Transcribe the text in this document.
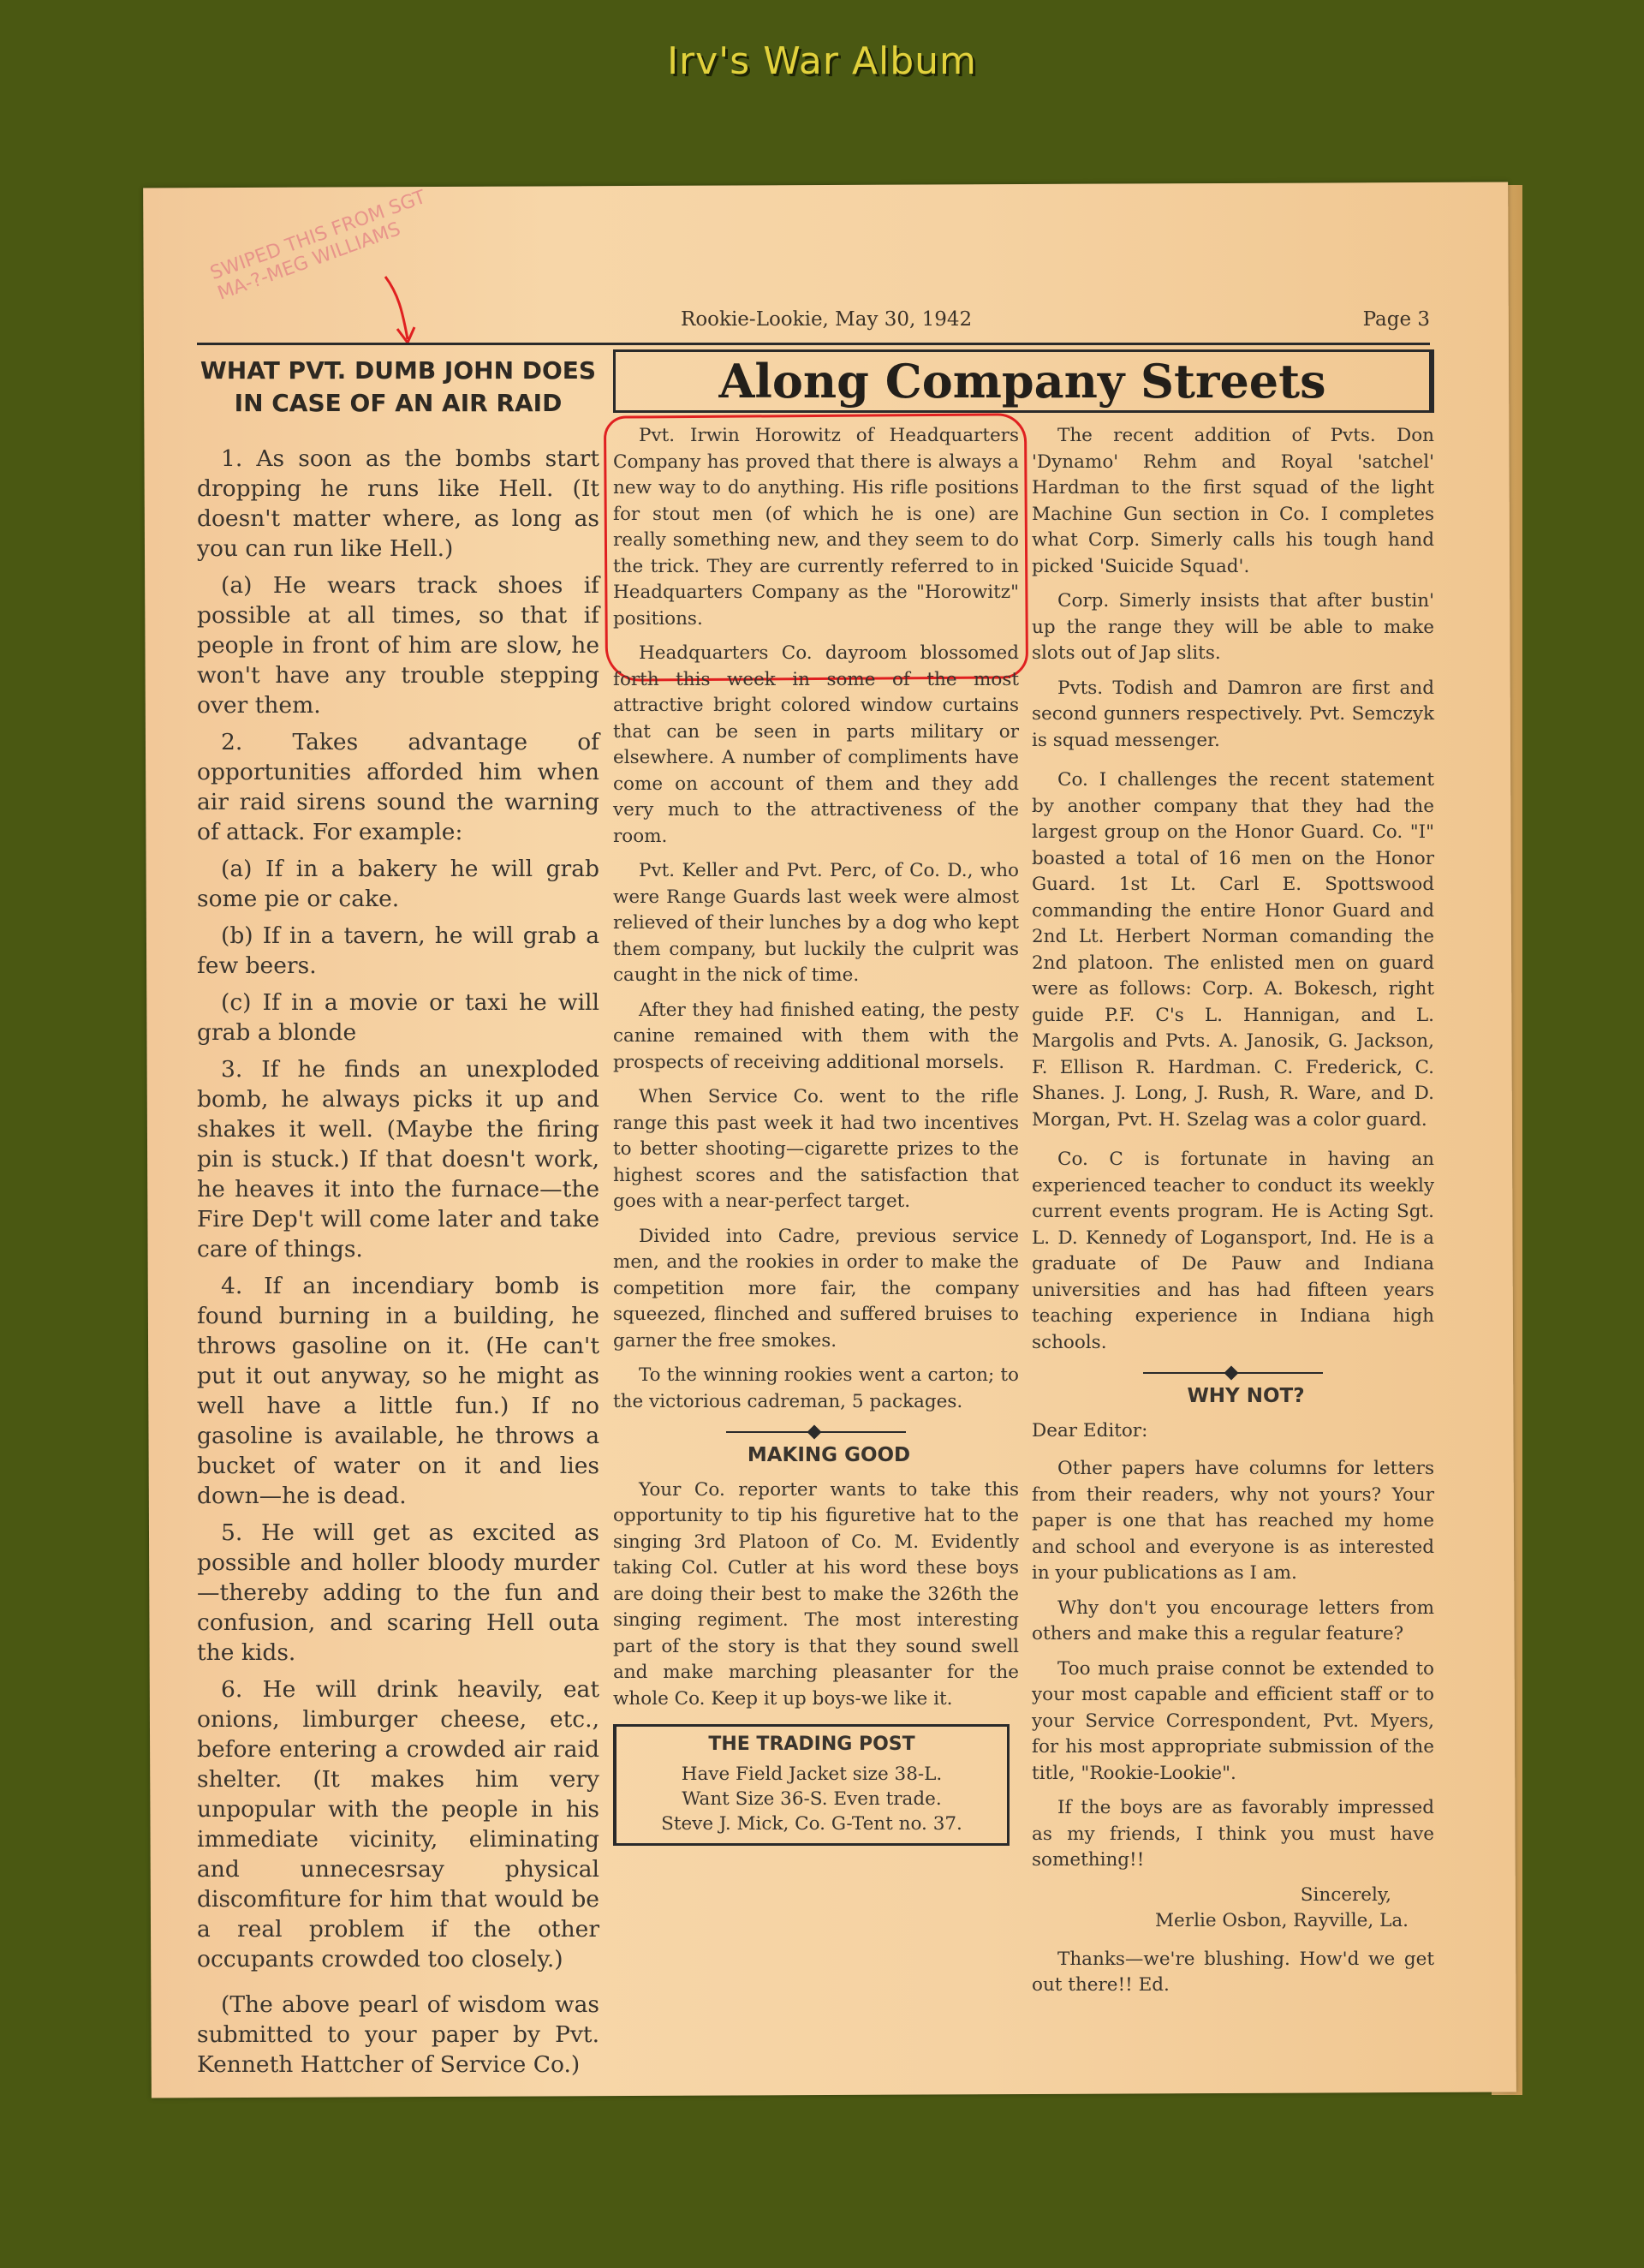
Irv's War Album
SWIPED THIS FROM SGT MA-?-MEG WILLIAMS
Rookie-Lookie, May 30, 1942	Page 3
WHAT PVT. DUMB JOHN DOES IN CASE OF AN AIR RAID

1. As soon as the bombs start dropping he runs like Hell. (It doesn't matter where, as long as you can run like Hell.)

(a) He wears track shoes if possible at all times, so that if people in front of him are slow, he won't have any trouble stepping over them.

2. Takes advantage of opportunities afforded him when air raid sirens sound the warning of attack. For example:

(a) If in a bakery he will grab some pie or cake.

(b) If in a tavern, he will grab a few beers.

(c) If in a movie or taxi he will grab a blonde

3. If he finds an unexploded bomb, he always picks it up and shakes it well. (Maybe the firing pin is stuck.) If that doesn't work, he heaves it into the furnace—the Fire Dep't will come later and take care of things.

4. If an incendiary bomb is found burning in a building, he throws gasoline on it. (He can't put it out anyway, so he might as well have a little fun.) If no gasoline is available, he throws a bucket of water on it and lies down—he is dead.

5. He will get as excited as possible and holler bloody murder—thereby adding to the fun and confusion, and scaring Hell outa the kids.

6. He will drink heavily, eat onions, limburger cheese, etc., before entering a crowded air raid shelter. (It makes him very unpopular with the people in his immediate vicinity, eliminating and unnecesrsay physical discomfiture for him that would be a real problem if the other occupants crowded too closely.)

(The above pearl of wisdom was submitted to your paper by Pvt. Kenneth Hattcher of Service Co.)

Along Company Streets

Pvt. Irwin Horowitz of Headquarters Company has proved that there is always a new way to do anything. His rifle positions for stout men (of which he is one) are really something new, and they seem to do the trick. They are currently referred to in Headquarters Company as the "Horowitz" positions.

Headquarters Co. dayroom blossomed forth this week in some of the most attractive bright colored window curtains that can be seen in parts military or elsewhere. A number of compliments have come on account of them and they add very much to the attractiveness of the room.

Pvt. Keller and Pvt. Perc, of Co. D., who were Range Guards last week were almost relieved of their lunches by a dog who kept them company, but luckily the culprit was caught in the nick of time.

After they had finished eating, the pesty canine remained with them with the prospects of receiving additional morsels.

When Service Co. went to the rifle range this past week it had two incentives to better shooting—cigarette prizes to the highest scores and the satisfaction that goes with a near-perfect target.

Divided into Cadre, previous service men, and the rookies in order to make the competition more fair, the company squeezed, flinched and suffered bruises to garner the free smokes.

To the winning rookies went a carton; to the victorious cadreman, 5 packages.

MAKING GOOD

Your Co. reporter wants to take this opportunity to tip his figuretive hat to the singing 3rd Platoon of Co. M. Evidently taking Col. Cutler at his word these boys are doing their best to make the 326th the singing regiment. The most interesting part of the story is that they sound swell and make marching pleasanter for the whole Co. Keep it up boys-we like it.

THE TRADING POST

Have Field Jacket size 38-L.

Want Size 36-S. Even trade.

Steve J. Mick, Co. G-Tent no. 37.

The recent addition of Pvts. Don 'Dynamo' Rehm and Royal 'satchel' Hardman to the first squad of the light Machine Gun section in Co. I completes what Corp. Simerly calls his tough hand picked 'Suicide Squad'.

Corp. Simerly insists that after bustin' up the range they will be able to make slots out of Jap slits.

Pvts. Todish and Damron are first and second gunners respectively. Pvt. Semczyk is squad messenger.

Co. I challenges the recent statement by another company that they had the largest group on the Honor Guard. Co. "I" boasted a total of 16 men on the Honor Guard. 1st Lt. Carl E. Spottswood commanding the entire Honor Guard and 2nd Lt. Herbert Norman comanding the 2nd platoon. The enlisted men on guard were as follows: Corp. A. Bokesch, right guide P.F. C's L. Hannigan, and L. Margolis and Pvts. A. Janosik, G. Jackson, F. Ellison R. Hardman. C. Frederick, C. Shanes. J. Long, J. Rush, R. Ware, and D. Morgan, Pvt. H. Szelag was a color guard.

Co. C is fortunate in having an experienced teacher to conduct its weekly current events program. He is Acting Sgt. L. D. Kennedy of Logansport, Ind. He is a graduate of De Pauw and Indiana universities and has had fifteen years teaching experience in Indiana high schools.

WHY NOT?

Dear Editor:

Other papers have columns for letters from their readers, why not yours? Your paper is one that has reached my home and school and everyone is as interested in your publications as I am.

Why don't you encourage letters from others and make this a regular feature?

Too much praise connot be extended to your most capable and efficient staff or to your Service Correspondent, Pvt. Myers, for his most appropriate submission of the title, "Rookie-Lookie".

If the boys are as favorably impressed as my friends, I think you must have something!!

Sincerely,

Merlie Osbon, Rayville, La.

Thanks—we're blushing. How'd we get out there!! Ed.
